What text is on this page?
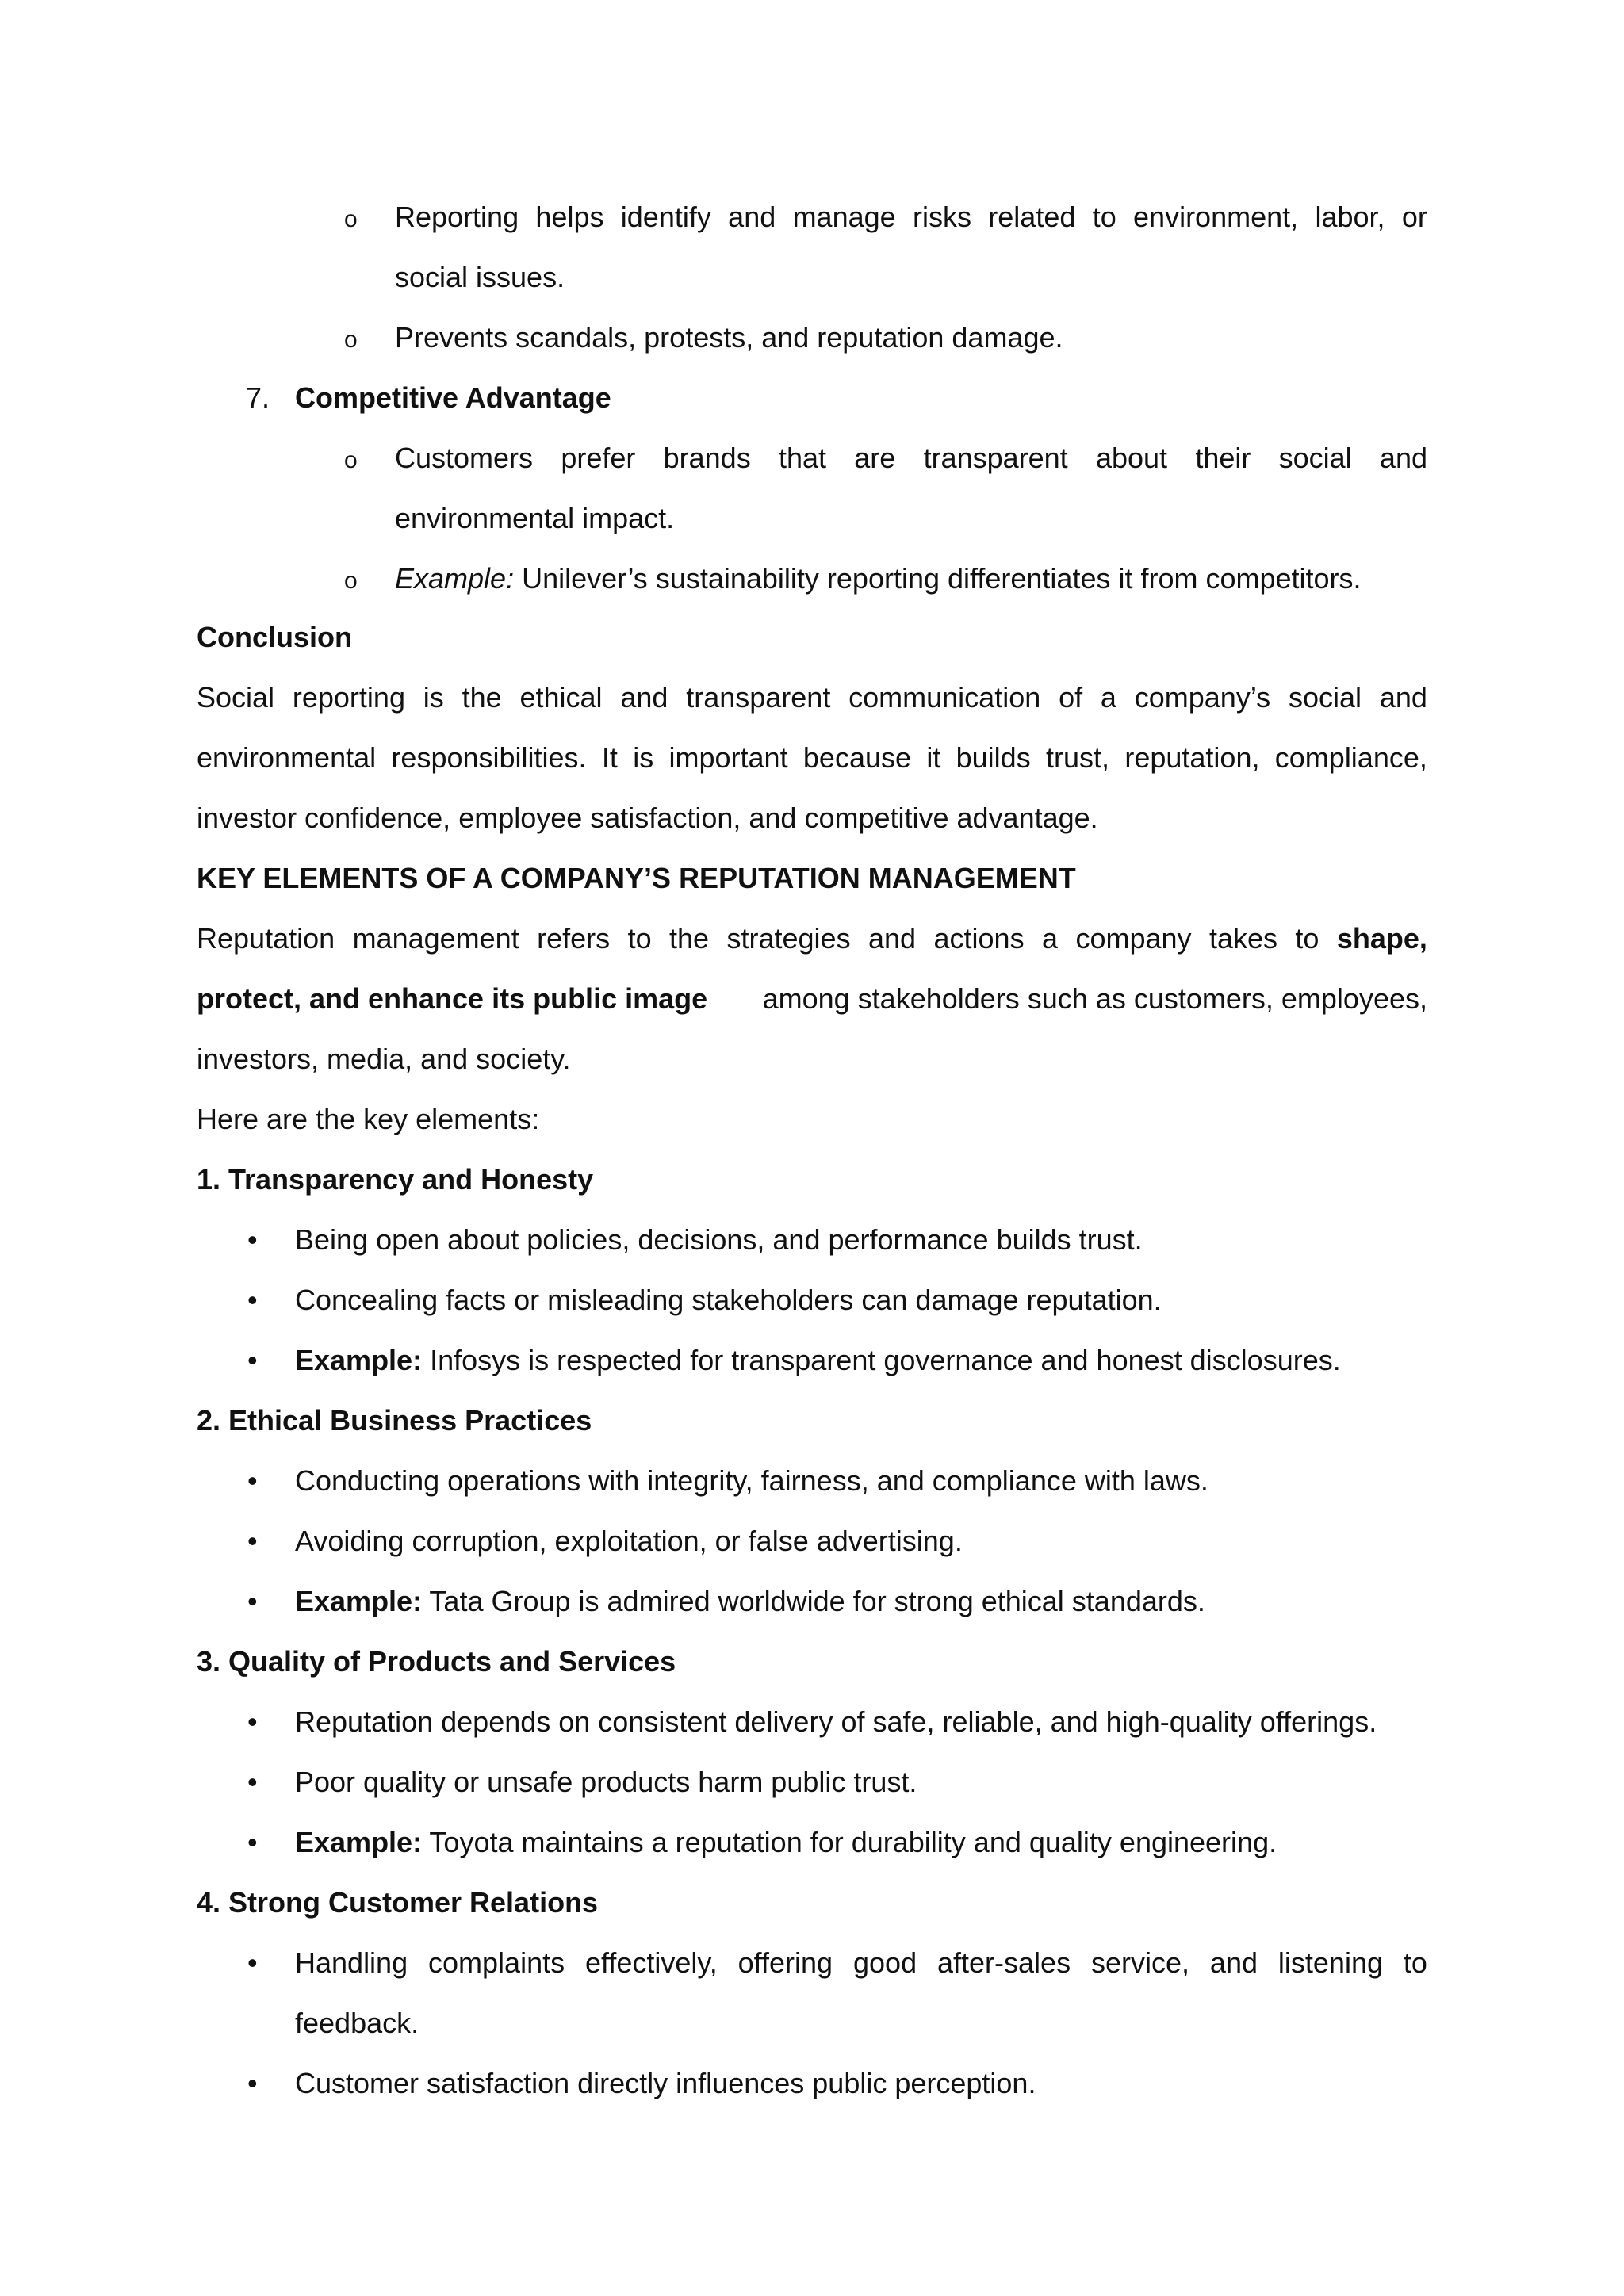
o Reporting helps identify and manage risks related to environment, labor, or
social issues.
o Prevents scandals, protests, and reputation damage.
7. Competitive Advantage
o Customers prefer brands that are transparent about their social and
environmental impact.
o Example: Unilever’s sustainability reporting differentiates it from competitors.
Conclusion
Social reporting is the ethical and transparent communication of a company’s social and
environmental responsibilities. It is important because it builds trust, reputation, compliance,
investor confidence, employee satisfaction, and competitive advantage.
KEY ELEMENTS OF A COMPANY’S REPUTATION MANAGEMENT
Reputation management refers to the strategies and actions a company takes to shape,
protect, and enhance its public image among stakeholders such as customers, employees,
investors, media, and society.
Here are the key elements:
1. Transparency and Honesty
• Being open about policies, decisions, and performance builds trust.
• Concealing facts or misleading stakeholders can damage reputation.
• Example: Infosys is respected for transparent governance and honest disclosures.
2. Ethical Business Practices
• Conducting operations with integrity, fairness, and compliance with laws.
• Avoiding corruption, exploitation, or false advertising.
• Example: Tata Group is admired worldwide for strong ethical standards.
3. Quality of Products and Services
• Reputation depends on consistent delivery of safe, reliable, and high-quality offerings.
• Poor quality or unsafe products harm public trust.
• Example: Toyota maintains a reputation for durability and quality engineering.
4. Strong Customer Relations
• Handling complaints effectively, offering good after-sales service, and listening to
feedback.
• Customer satisfaction directly influences public perception.
